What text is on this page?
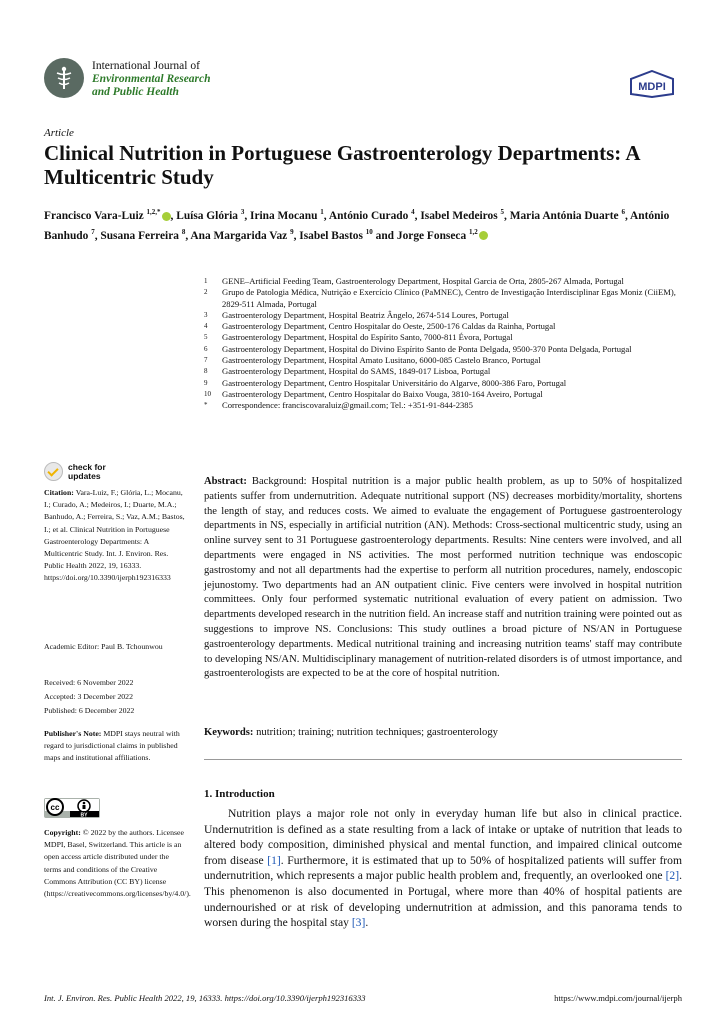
International Journal of
Environmental Research
and Public Health	MDPI
Article
Clinical Nutrition in Portuguese Gastroenterology Departments: A Multicentric Study
Francisco Vara-Luiz $^{1,2,*}$ , Luísa Glória $^3$, Irina Mocanu $^1$, António Curado $^4$, Isabel Medeiros $^5$, Maria Antónia Duarte $^6$, António Banhudo $^7$, Susana Ferreira $^8$, Ana Margarida Vaz $^9$, Isabel Bastos $^{10}$ and Jorge Fonseca $^{1,2}$
1	GENE–Artificial Feeding Team, Gastroenterology Department, Hospital Garcia de Orta, 2805-267 Almada, Portugal
2	Grupo de Patologia Médica, Nutrição e Exercício Clínico (PaMNEC), Centro de Investigação Interdisciplinar Egas Moniz (CiiEM), 2829-511 Almada, Portugal
3	Gastroenterology Department, Hospital Beatriz Ângelo, 2674-514 Loures, Portugal
4	Gastroenterology Department, Centro Hospitalar do Oeste, 2500-176 Caldas da Rainha, Portugal
5	Gastroenterology Department, Hospital do Espírito Santo, 7000-811 Évora, Portugal
6	Gastroenterology Department, Hospital do Divino Espírito Santo de Ponta Delgada, 9500-370 Ponta Delgada, Portugal
7	Gastroenterology Department, Hospital Amato Lusitano, 6000-085 Castelo Branco, Portugal
8	Gastroenterology Department, Hospital do SAMS, 1849-017 Lisboa, Portugal
9	Gastroenterology Department, Centro Hospitalar Universitário do Algarve, 8000-386 Faro, Portugal
10	Gastroenterology Department, Centro Hospitalar do Baixo Vouga, 3810-164 Aveiro, Portugal
*	Correspondence: franciscovaraluiz@gmail.com; Tel.: +351-91-844-2385
check for
updates
Citation: Vara-Luiz, F.; Glória, L.; Mocanu, I.; Curado, A.; Medeiros, I.; Duarte, M.A.; Banhudo, A.; Ferreira, S.; Vaz, A.M.; Bastos, I.; et al. Clinical Nutrition in Portuguese Gastroenterology Departments: A Multicentric Study. Int. J. Environ. Res. Public Health 2022, 19, 16333. https://doi.org/10.3390/ijerph192316333
Academic Editor: Paul B. Tchounwou
Received: 6 November 2022
Accepted: 3 December 2022
Published: 6 December 2022
Publisher's Note: MDPI stays neutral with regard to jurisdictional claims in published maps and institutional affiliations.
cc
BY
Copyright: © 2022 by the authors. Licensee MDPI, Basel, Switzerland. This article is an open access article distributed under the terms and conditions of the Creative Commons Attribution (CC BY) license (https://creativecommons.org/licenses/by/4.0/).
Abstract: Background: Hospital nutrition is a major public health problem, as up to 50% of hospitalized patients suffer from undernutrition. Adequate nutritional support (NS) decreases morbidity/mortality, shortens the length of stay, and reduces costs. We aimed to evaluate the engagement of Portuguese gastroenterology departments in NS, especially in artificial nutrition (AN). Methods: Cross-sectional multicentric study, using an online survey sent to 31 Portuguese gastroenterology departments. Results: Nine centers were involved, and all departments were engaged in NS activities. The most performed nutrition technique was endoscopic gastrostomy and not all departments had the expertise to perform all nutrition procedures, namely, endoscopic jejunostomy. Two departments had an AN outpatient clinic. Five centers were involved in hospital nutrition committees. Only four performed systematic nutritional evaluation of every patient on admission. Two departments developed research in the nutrition field. An increase staff and nutrition training were pointed out as suggestions to improve NS. Conclusions: This study outlines a broad picture of NS/AN in Portuguese gastroenterology departments. Medical nutritional training and increasing nutrition teams' staff may contribute to developing NS/AN. Multidisciplinary management of nutrition-related disorders is of utmost importance, and gastroenterologists are expected to be at the core of hospital nutrition.
Keywords: nutrition; training; nutrition techniques; gastroenterology
1. Introduction
Nutrition plays a major role not only in everyday human life but also in clinical practice. Undernutrition is defined as a state resulting from a lack of intake or uptake of nutrition that leads to altered body composition, diminished physical and mental function, and impaired clinical outcome from disease [1]. Furthermore, it is estimated that up to 50% of hospitalized patients will suffer from undernutrition, which represents a major public health problem and, frequently, an overlooked one [2]. This phenomenon is also documented in Portugal, where more than 40% of hospital patients are undernourished or at risk of developing undernutrition at admission, and this panorama tends to worsen during the hospital stay [3].
Int. J. Environ. Res. Public Health 2022, 19, 16333. https://doi.org/10.3390/ijerph192316333	https://www.mdpi.com/journal/ijerph
